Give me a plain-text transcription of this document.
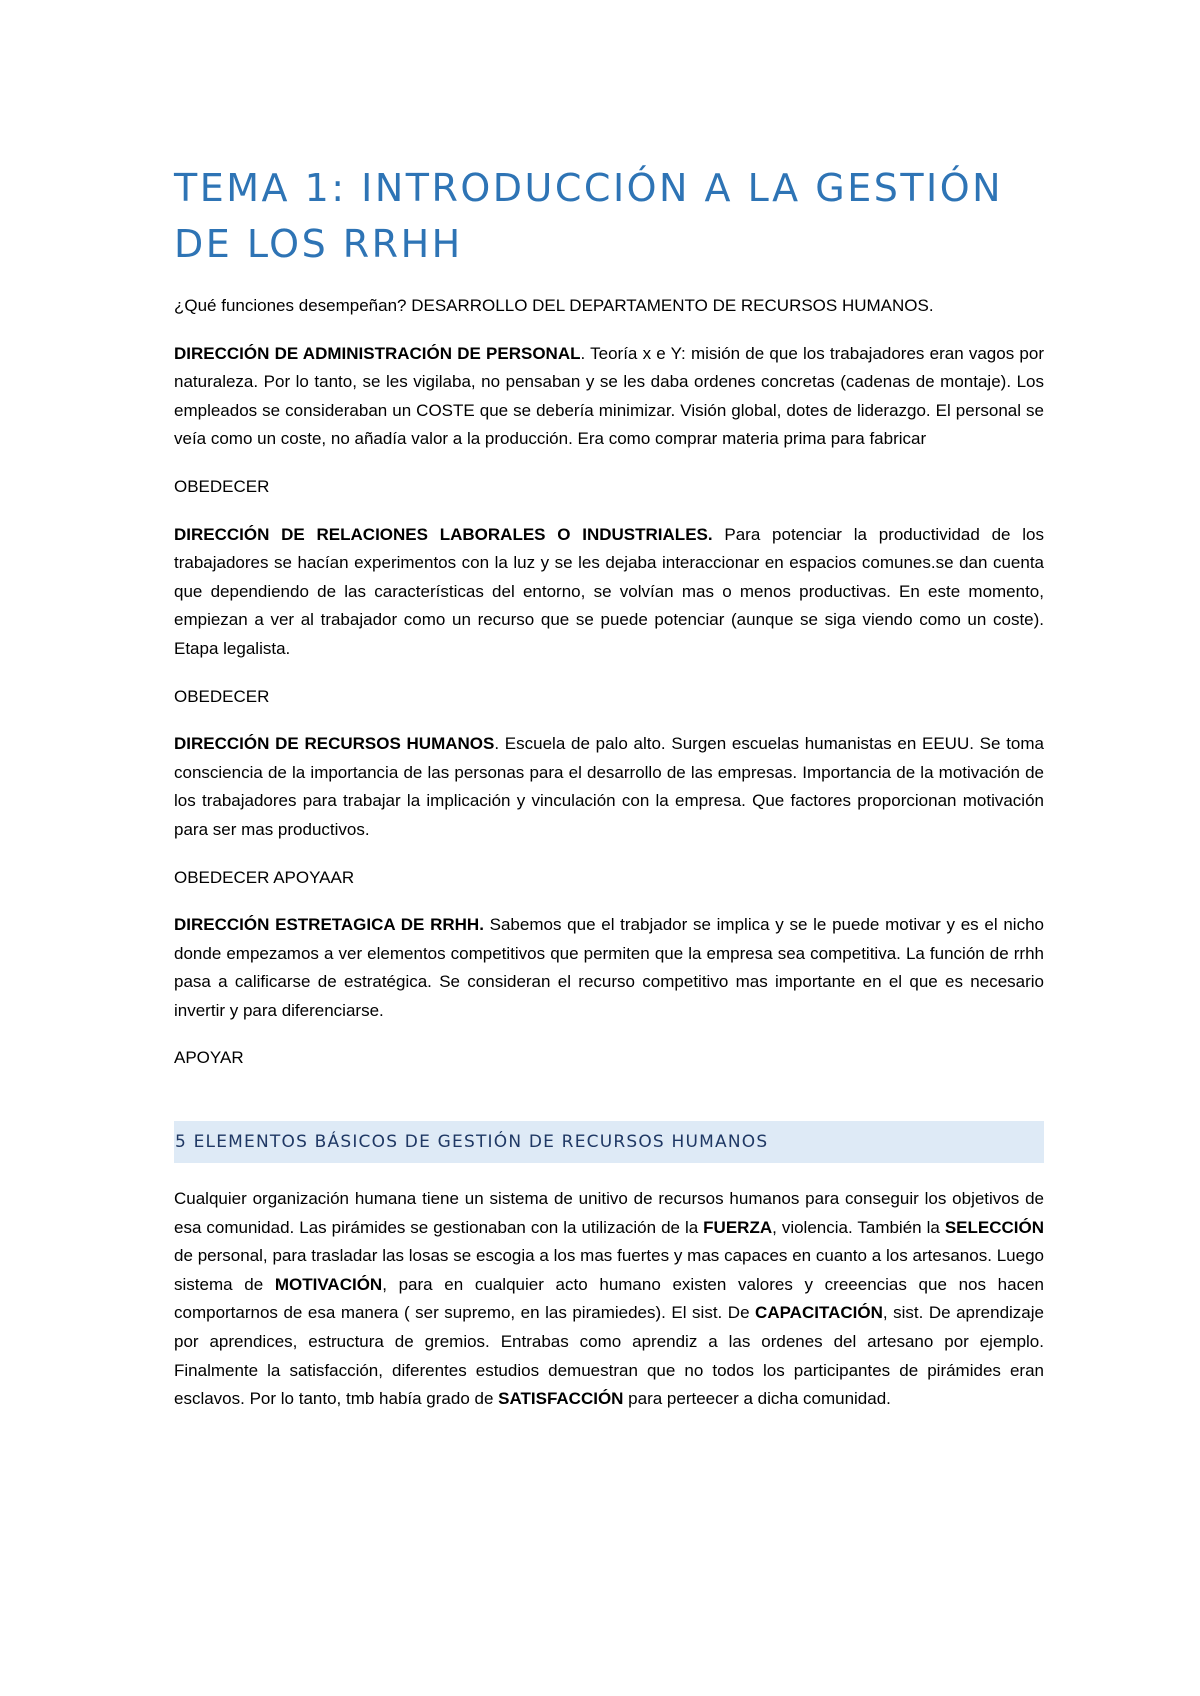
TEMA 1: INTRODUCCIÓN A LA GESTIÓN DE LOS RRHH

¿Qué funciones desempeñan? DESARROLLO DEL DEPARTAMENTO DE RECURSOS HUMANOS.

DIRECCIÓN DE ADMINISTRACIÓN DE PERSONAL. Teoría x e Y: misión de que los trabajadores eran vagos por naturaleza. Por lo tanto, se les vigilaba, no pensaban y se les daba ordenes concretas (cadenas de montaje). Los empleados se consideraban un COSTE que se debería minimizar. Visión global, dotes de liderazgo. El personal se veía como un coste, no añadía valor a la producción. Era como comprar materia prima para fabricar

OBEDECER

DIRECCIÓN DE RELACIONES LABORALES O INDUSTRIALES. Para potenciar la productividad de los trabajadores se hacían experimentos con la luz y se les dejaba interaccionar en espacios comunes.se dan cuenta que dependiendo de las características del entorno, se volvían mas o menos productivas. En este momento, empiezan a ver al trabajador como un recurso que se puede potenciar (aunque se siga viendo como un coste). Etapa legalista.

OBEDECER

DIRECCIÓN DE RECURSOS HUMANOS. Escuela de palo alto. Surgen escuelas humanistas en EEUU. Se toma consciencia de la importancia de las personas para el desarrollo de las empresas. Importancia de la motivación de los trabajadores para trabajar la implicación y vinculación con la empresa. Que factores proporcionan motivación para ser mas productivos.

OBEDECER APOYAAR

DIRECCIÓN ESTRETAGICA DE RRHH. Sabemos que el trabjador se implica y se le puede motivar y es el nicho donde empezamos a ver elementos competitivos que permiten que la empresa sea competitiva. La función de rrhh pasa a calificarse de estratégica. Se consideran el recurso competitivo mas importante en el que es necesario invertir y para diferenciarse.

APOYAR

5 ELEMENTOS BÁSICOS DE GESTIÓN DE RECURSOS HUMANOS

Cualquier organización humana tiene un sistema de unitivo de recursos humanos para conseguir los objetivos de esa comunidad. Las pirámides se gestionaban con la utilización de la FUERZA, violencia. También la SELECCIÓN de personal, para trasladar las losas se escogia a los mas fuertes y mas capaces en cuanto a los artesanos. Luego sistema de MOTIVACIÓN, para en cualquier acto humano existen valores y creeencias que nos hacen comportarnos de esa manera ( ser supremo, en las piramiedes). El sist. De CAPACITACIÓN, sist. De aprendizaje por aprendices, estructura de gremios. Entrabas como aprendiz a las ordenes del artesano por ejemplo. Finalmente la satisfacción, diferentes estudios demuestran que no todos los participantes de pirámides eran esclavos. Por lo tanto, tmb había grado de SATISFACCIÓN para perteecer a dicha comunidad.
